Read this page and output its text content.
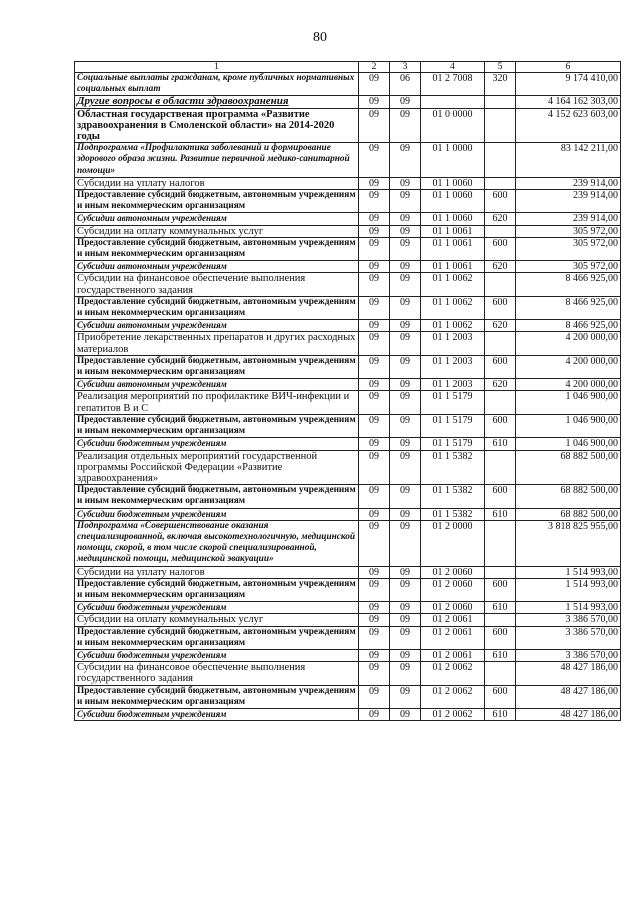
80
1	2	3	4	5	6
Социальные выплаты гражданам, кроме публичных нормативных социальных выплат	09	06	01 2 7008	320	9 174 410,00
Другие вопросы в области здравоохранения	09	09			4 164 162 303,00
Областная государственая программа «Развитие здравоохранения в Смоленской области» на 2014-2020 годы	09	09	01 0 0000		4 152 623 603,00
Подпрограмма «Профилактика заболеваний и формирование здорового образа жизни. Развитие первичной медико-санитарной помощи»	09	09	01 1 0000		83 142 211,00
Субсидии на уплату налогов	09	09	01 1 0060		239 914,00
Предоставление субсидий бюджетным, автономным учреждениям и иным некоммерческим организациям	09	09	01 1 0060	600	239 914,00
Субсидии автономным учреждениям	09	09	01 1 0060	620	239 914,00
Субсидии на оплату коммунальных услуг	09	09	01 1 0061		305 972,00
Предоставление субсидий бюджетным, автономным учреждениям и иным некоммерческим организациям	09	09	01 1 0061	600	305 972,00
Субсидии автономным учреждениям	09	09	01 1 0061	620	305 972,00
Субсидии на финансовое обеспечение выполнения государственного задания	09	09	01 1 0062		8 466 925,00
Предоставление субсидий бюджетным, автономным учреждениям и иным некоммерческим организациям	09	09	01 1 0062	600	8 466 925,00
Субсидии автономным учреждениям	09	09	01 1 0062	620	8 466 925,00
Приобретение лекарственных препаратов и других расходных материалов	09	09	01 1 2003		4 200 000,00
Предоставление субсидий бюджетным, автономным учреждениям и иным некоммерческим организациям	09	09	01 1 2003	600	4 200 000,00
Субсидии автономным учреждениям	09	09	01 1 2003	620	4 200 000,00
Реализация мероприятий по профилактике ВИЧ-инфекции и гепатитов В и С	09	09	01 1 5179		1 046 900,00
Предоставление субсидий бюджетным, автономным учреждениям и иным некоммерческим организациям	09	09	01 1 5179	600	1 046 900,00
Субсидии бюджетным учреждениям	09	09	01 1 5179	610	1 046 900,00
Реализация отдельных мероприятий государственной программы Российской Федерации «Развитие здравоохранения»	09	09	01 1 5382		68 882 500,00
Предоставление субсидий бюджетным, автономным учреждениям и иным некоммерческим организациям	09	09	01 1 5382	600	68 882 500,00
Субсидии бюджетным учреждениям	09	09	01 1 5382	610	68 882 500,00
Подпрограмма «Совершенствование оказания специализированной, включая высокотехнологичную, медицинской помощи, скорой, в том числе скорой специализированной, медицинской помощи, медицинской эвакуации»	09	09	01 2 0000		3 818 825 955,00
Субсидии на уплату налогов	09	09	01 2 0060		1 514 993,00
Предоставление субсидий бюджетным, автономным учреждениям и иным некоммерческим организациям	09	09	01 2 0060	600	1 514 993,00
Субсидии бюджетным учреждениям	09	09	01 2 0060	610	1 514 993,00
Субсидии на оплату коммунальных услуг	09	09	01 2 0061		3 386 570,00
Предоставление субсидий бюджетным, автономным учреждениям и иным некоммерческим организациям	09	09	01 2 0061	600	3 386 570,00
Субсидии бюджетным учреждениям	09	09	01 2 0061	610	3 386 570,00
Субсидии на финансовое обеспечение выполнения государственного задания	09	09	01 2 0062		48 427 186,00
Предоставление субсидий бюджетным, автономным учреждениям и иным некоммерческим организациям	09	09	01 2 0062	600	48 427 186,00
Субсидии бюджетным учреждениям	09	09	01 2 0062	610	48 427 186,00
